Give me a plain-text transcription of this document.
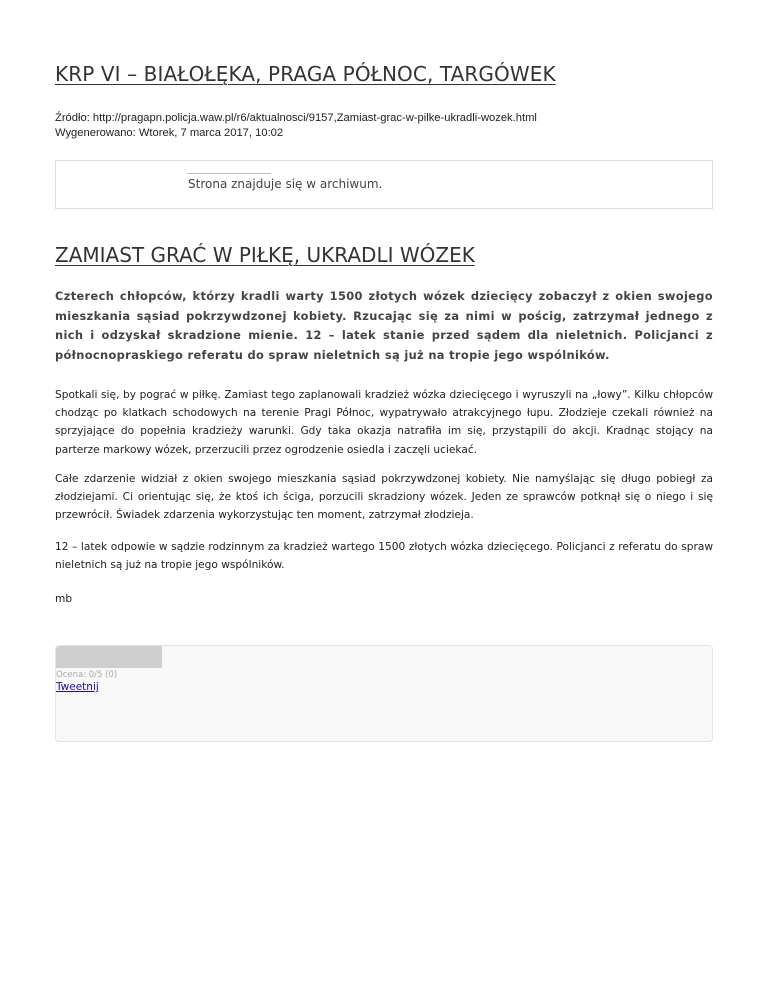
KRP VI – BIAŁOŁĘKA, PRAGA PÓŁNOC, TARGÓWEK
Źródło: http://pragapn.policja.waw.pl/r6/aktualnosci/9157,Zamiast-grac-w-pilke-ukradli-wozek.html
Wygenerowano: Wtorek, 7 marca 2017, 10:02
Strona znajduje się w archiwum.
ZAMIAST GRAĆ W PIŁKĘ, UKRADLI WÓZEK

Czterech chłopców, którzy kradli warty 1500 złotych wózek dziecięcy zobaczył z okien swojego mieszkania sąsiad pokrzywdzonej kobiety. Rzucając się za nimi w pościg, zatrzymał jednego z nich i odzyskał skradzione mienie. 12 – latek stanie przed sądem dla nieletnich. Policjanci z północnopraskiego referatu do spraw nieletnich są już na tropie jego wspólników.

Spotkali się, by pograć w piłkę. Zamiast tego zaplanowali kradzież wózka dziecięcego i wyruszyli na „łowy”. Kilku chłopców chodząc po klatkach schodowych na terenie Pragi Północ, wypatrywało atrakcyjnego łupu. Złodzieje czekali również na sprzyjające do popełnia kradzieży warunki. Gdy taka okazja natrafiła im się, przystąpili do akcji. Kradnąc stojący na parterze markowy wózek, przerzucili przez ogrodzenie osiedla i zaczęli uciekać.

Całe zdarzenie widział z okien swojego mieszkania sąsiad pokrzywdzonej kobiety. Nie namyślając się długo pobiegł za złodziejami. Ci orientując się, że ktoś ich ściga, porzucili skradziony wózek. Jeden ze sprawców potknął się o niego i się przewrócił. Świadek zdarzenia wykorzystując ten moment, zatrzymał złodzieja.

12 – latek odpowie w sądzie rodzinnym za kradzież wartego 1500 złotych wózka dziecięcego. Policjanci z referatu do spraw nieletnich są już na tropie jego wspólników.

mb

Ocena: 0/5 (0)
Tweetnij
